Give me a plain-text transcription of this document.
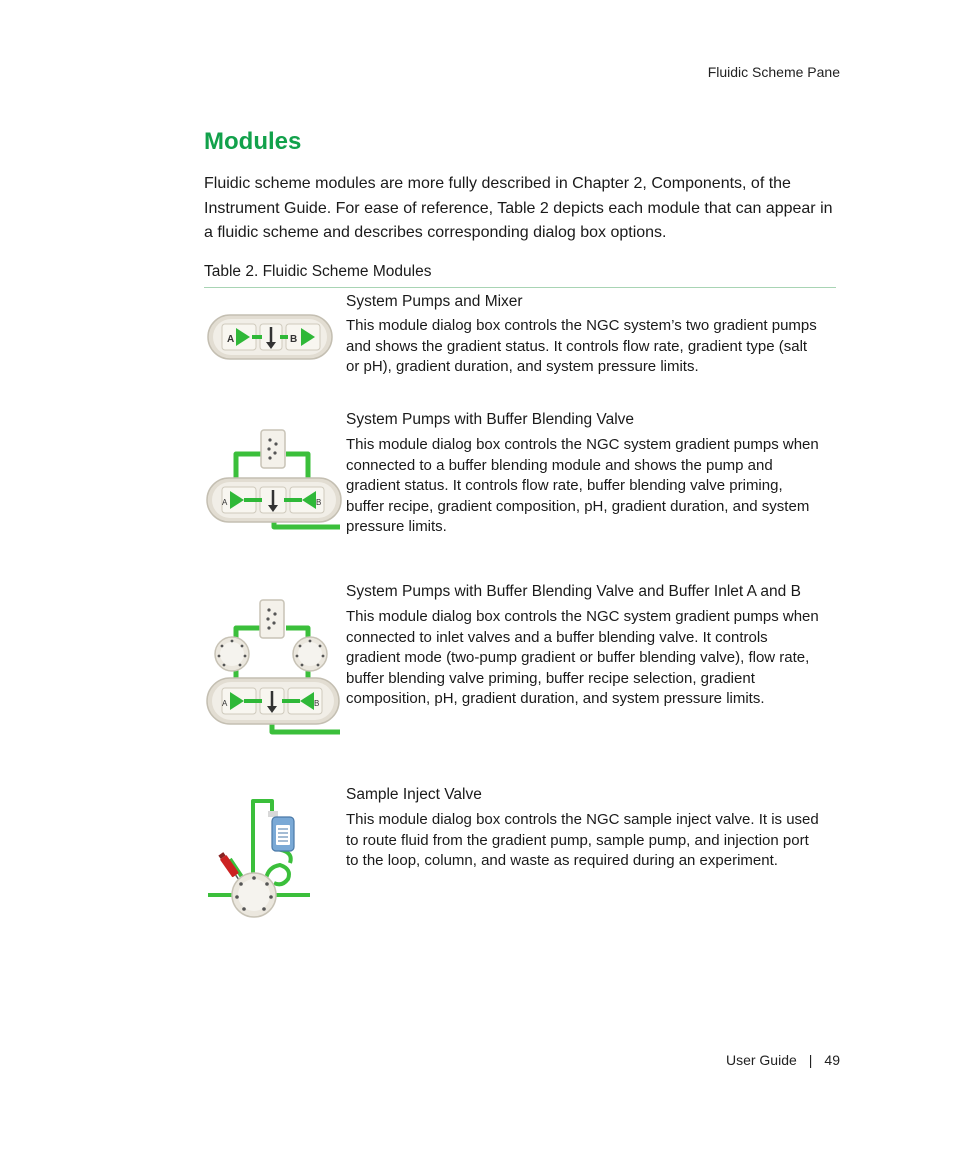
Fluidic Scheme Pane
Modules

Fluidic scheme modules are more fully described in Chapter 2, Components, of the Instrument Guide. For ease of reference, Table 2 depicts each module that can appear in a fluidic scheme and describes corresponding dialog box options.

Table 2. Fluidic Scheme Modules
A	B
System Pumps and Mixer

This module dialog box controls the NGC system’s two gradient pumps and shows the gradient status. It controls flow rate, gradient type (salt or pH), gradient duration, and system pressure limits.

A	B
System Pumps with Buffer Blending Valve

This module dialog box controls the NGC system gradient pumps when connected to a buffer blending module and shows the pump and gradient status. It controls flow rate, buffer blending valve priming, buffer recipe, gradient composition, pH, gradient duration, and system pressure limits.

A	B
System Pumps with Buffer Blending Valve and Buffer Inlet A and B

This module dialog box controls the NGC system gradient pumps when connected to inlet valves and a buffer blending valve. It controls gradient mode (two-pump gradient or buffer blending valve), flow rate, buffer blending valve priming, buffer recipe selection, gradient composition, pH, gradient duration, and system pressure limits.

Sample Inject Valve

This module dialog box controls the NGC sample inject valve. It is used to route fluid from the gradient pump, sample pump, and injection port to the loop, column, and waste as required during an experiment.

User Guide | 49
